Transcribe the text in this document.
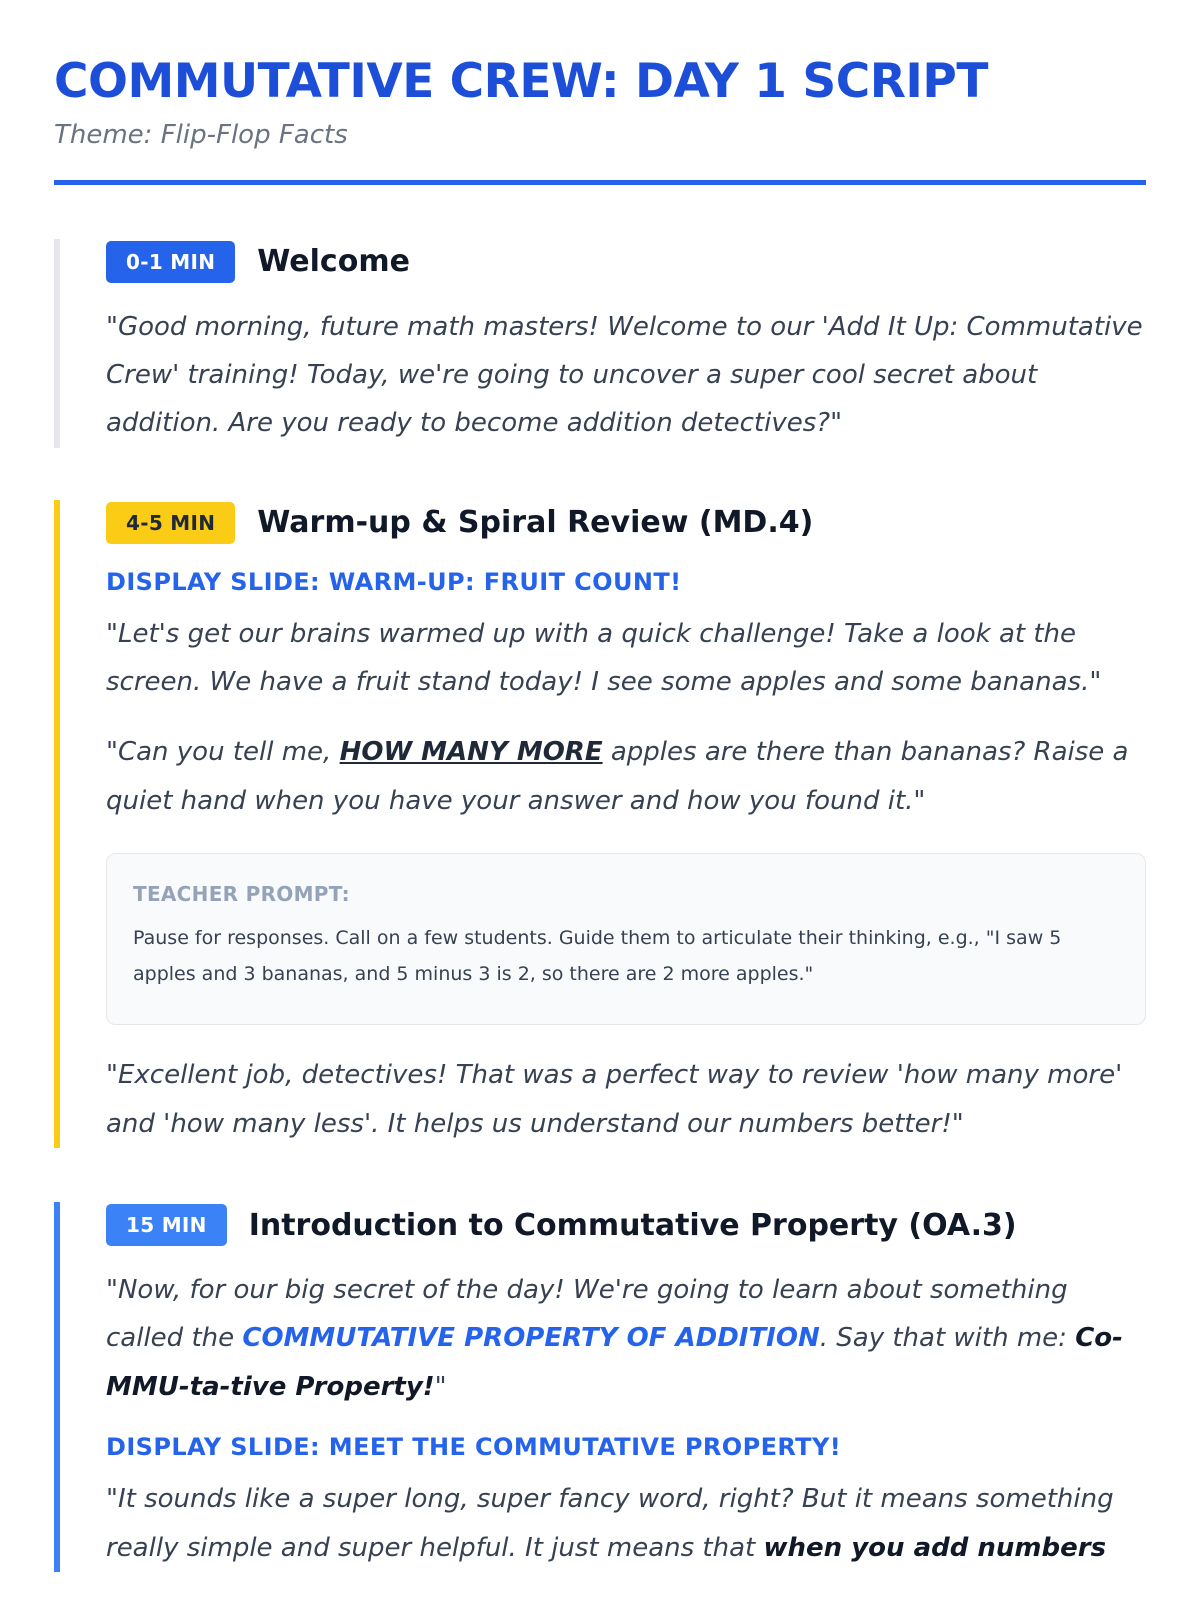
COMMUTATIVE CREW: DAY 1 SCRIPT
Theme: Flip-Flop Facts
0-1 MIN	Welcome

"Good morning, future math masters! Welcome to our 'Add It Up: Commutative Crew' training! Today, we're going to uncover a super cool secret about addition. Are you ready to become addition detectives?"

4-5 MIN	Warm-up & Spiral Review (MD.4)
DISPLAY SLIDE: WARM-UP: FRUIT COUNT!

"Let's get our brains warmed up with a quick challenge! Take a look at the screen. We have a fruit stand today! I see some apples and some bananas."

"Can you tell me, HOW MANY MORE apples are there than bananas? Raise a quiet hand when you have your answer and how you found it."

TEACHER PROMPT:
Pause for responses. Call on a few students. Guide them to articulate their thinking, e.g., "I saw 5 apples and 3 bananas, and 5 minus 3 is 2, so there are 2 more apples."

"Excellent job, detectives! That was a perfect way to review 'how many more' and 'how many less'. It helps us understand our numbers better!"

15 MIN	Introduction to Commutative Property (OA.3)

"Now, for our big secret of the day! We're going to learn about something called the COMMUTATIVE PROPERTY OF ADDITION. Say that with me: Co-MMU-ta-tive Property!"

DISPLAY SLIDE: MEET THE COMMUTATIVE PROPERTY!

"It sounds like a super long, super fancy word, right? But it means something really simple and super helpful. It just means that when you add numbers
